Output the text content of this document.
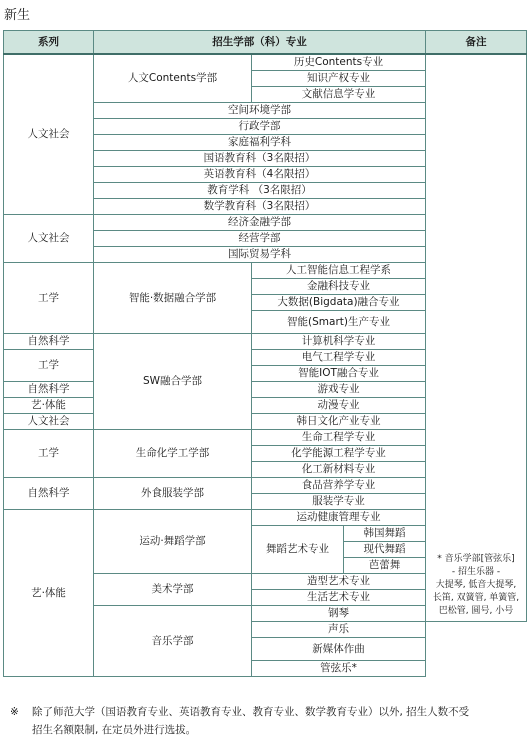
新生
系列	招生学部（科）专业			备注
人文社会	人文Contents学部	历史Contents专业		* 音乐学部[管弦乐]
- 招生乐器 -
大提琴, 低音大提琴,
长笛, 双簧管, 单簧管,
巴松管, 圆号, 小号

		知识产权专业		
		文献信息学专业		
	空间环境学部			
	行政学部			
	家庭福利学科			
	国语教育科（3名限招）			
	英语教育科（4名限招）			
	教育学科 （3名限招）			
	数学教育科（3名限招）			
人文社会	经济金融学部			
	经营学部			
	国际贸易学科			
工学	智能·数据融合学部	人工智能信息工程学系		
		金融科技专业		
		大数据(Bigdata)融合专业		
		智能(Smart)生产专业		
自然科学	SW融合学部	计算机科学专业		
工学		电气工程学专业		
		智能IOT融合专业		
自然科学		游戏专业		
艺·体能		动漫专业		
人文社会		韩日文化产业专业		
工学	生命化学工学部	生命工程学专业		
		化学能源工程学专业		
		化工新材料专业		
自然科学	外食服装学部	食品营养学专业		
		服装学专业		
艺·体能	运动·舞蹈学部	运动健康管理专业		
		舞蹈艺术专业	韩国舞蹈	
			现代舞蹈	
			芭蕾舞	
	美术学部	造型艺术专业		
		生活艺术专业		
	音乐学部	钢琴		
		声乐		
		新媒体作曲		
		管弦乐*		
※ 除了师范大学（国语教育专业、英语教育专业、教育专业、数学教育专业）以外, 招生人数不受
招生名额限制, 在定员外进行选拔。
